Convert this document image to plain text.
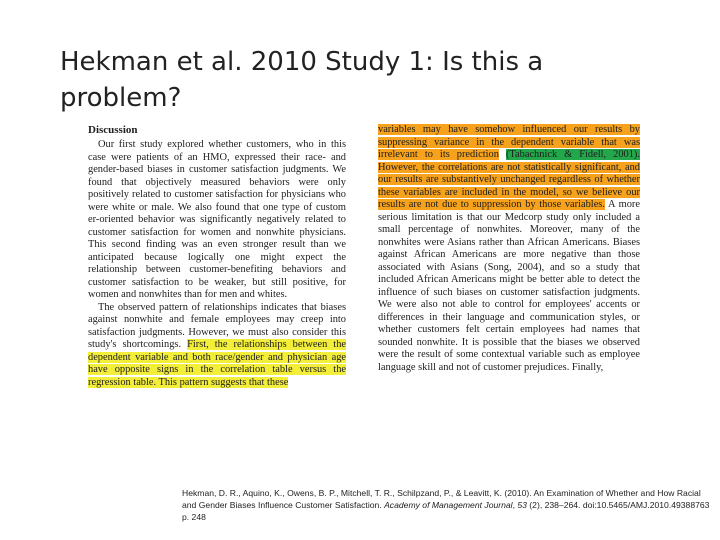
Hekman et al. 2010 Study 1: Is this a problem?
Discussion

Our first study explored whether customers, who in this case were patients of an HMO, expressed their race- and gender-based biases in customer satisfaction judgments. We found that objectively measured behaviors were only positively related to customer satisfaction for physicians who were white or male. We also found that one type of custom er-oriented behavior was significantly negatively related to customer satisfaction for women and nonwhite physicians. This second finding was an even stronger result than we anticipated because logically one might expect the relationship between customer-benefiting behaviors and customer satisfaction to be weaker, but still positive, for women and nonwhites than for men and whites.

The observed pattern of relationships indicates that biases against nonwhite and female employees may creep into satisfaction judgments. However, we must also consider this study's shortcomings. First, the relationships between the dependent variable and both race/gender and physician age have opposite signs in the correlation table versus the regression table. This pattern suggests that these

variables may have somehow influenced our results by suppressing variance in the dependent variable that was irrelevant to its prediction (Tabachnick & Fidell, 2001). However, the correlations are not statistically significant, and our results are substantively unchanged regardless of whether these variables are included in the model, so we believe our results are not due to suppression by those variables. A more serious limitation is that our Medcorp study only included a small percentage of nonwhites. Moreover, many of the nonwhites were Asians rather than African Americans. Biases against African Americans are more negative than those associated with Asians (Song, 2004), and so a study that included African Americans might be better able to detect the influence of such biases on customer satisfaction judgments. We were also not able to control for employees' accents or differences in their language and communication styles, or whether customers felt certain employees had names that sounded nonwhite. It is possible that the biases we observed were the result of some contextual variable such as employee language skill and not of customer prejudices. Finally,

Hekman, D. R., Aquino, K., Owens, B. P., Mitchell, T. R., Schilpzand, P., & Leavitt, K. (2010). An Examination of Whether and How Racial and Gender Biases Influence Customer Satisfaction. Academy of Management Journal, 53 (2), 238–264. doi:10.5465/AMJ.2010.49388763 p. 248
